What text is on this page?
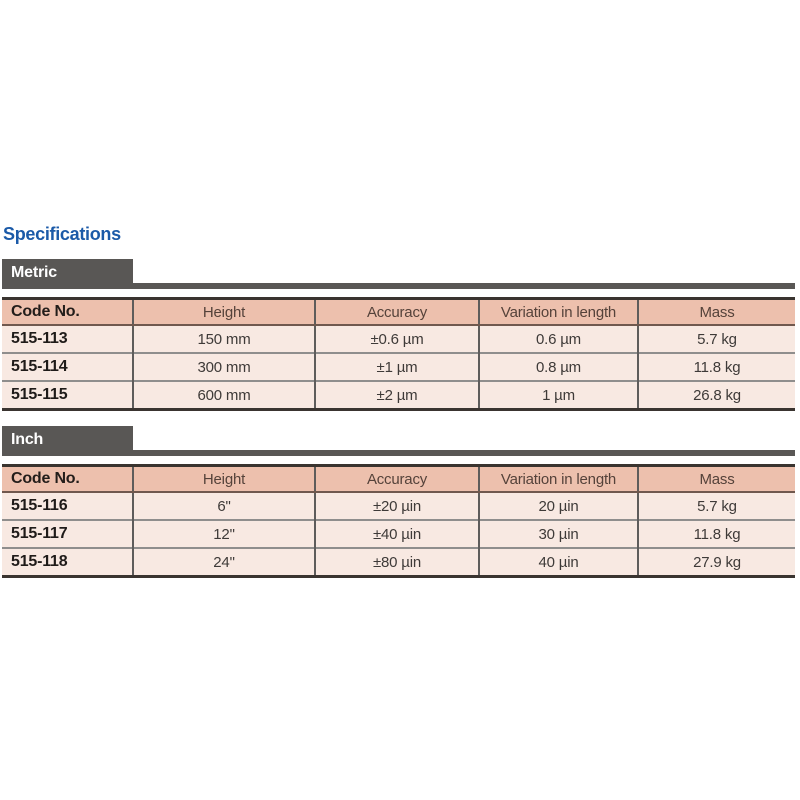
Specifications
Metric
Code No.	Height	Accuracy	Variation in length	Mass
515-113	150 mm	±0.6 µm	0.6 µm	5.7 kg
515-114	300 mm	±1 µm	0.8 µm	11.8 kg
515-115	600 mm	±2 µm	1 µm	26.8 kg
Inch
Code No.	Height	Accuracy	Variation in length	Mass
515-116	6"	±20 µin	20 µin	5.7 kg
515-117	12"	±40 µin	30 µin	11.8 kg
515-118	24"	±80 µin	40 µin	27.9 kg
